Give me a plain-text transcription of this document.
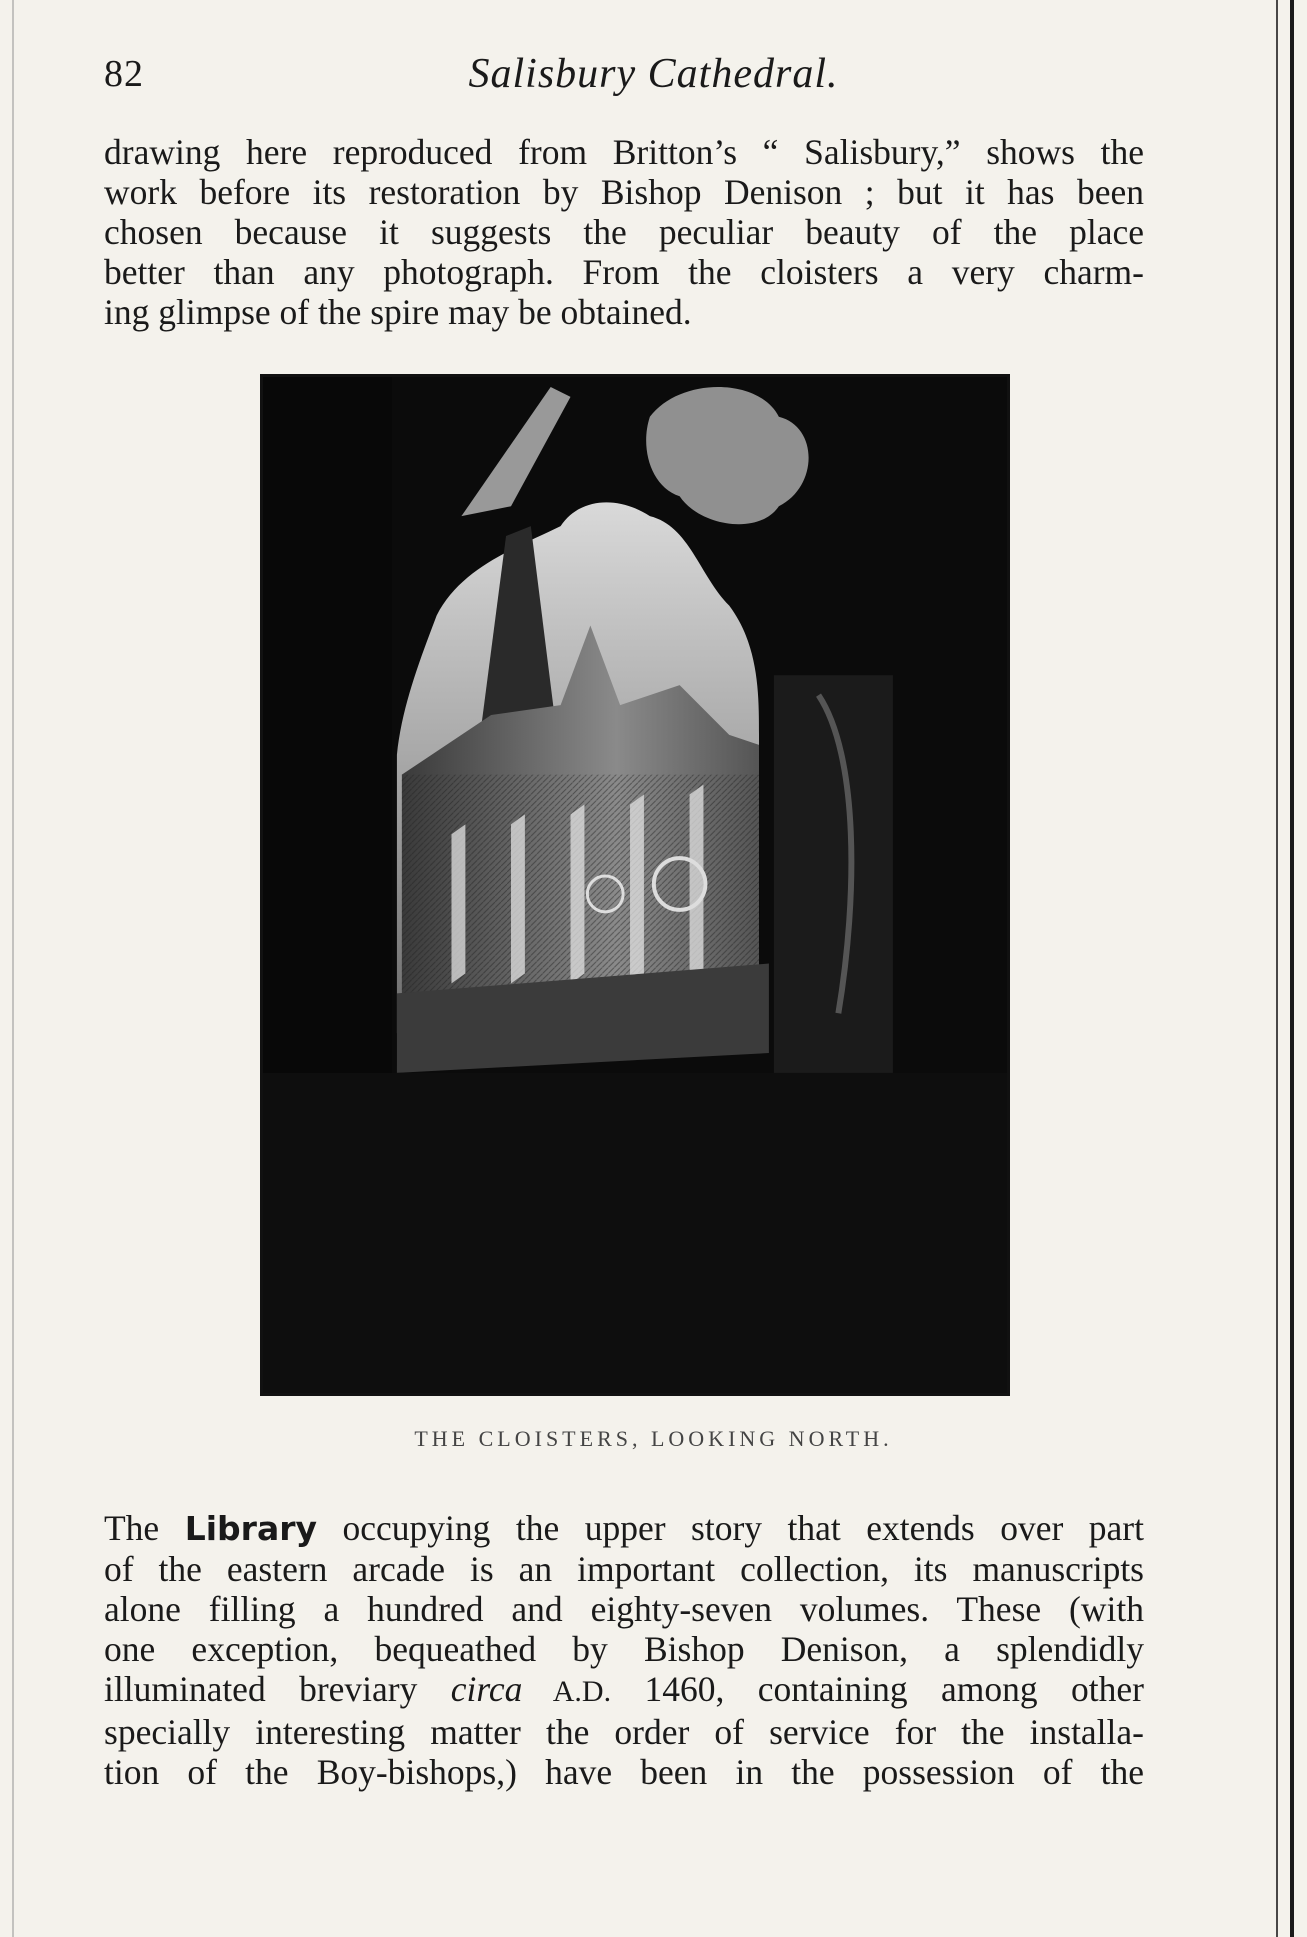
82	Salisbury Cathedral.
drawing here reproduced from Britton’s “ Salisbury,” shows the
work before its restoration by Bishop Denison ; but it has been
chosen because it suggests the peculiar beauty of the place
better than any photograph. From the cloisters a very charm-
ing glimpse of the spire may be obtained.
THE CLOISTERS, LOOKING NORTH.
The Library occupying the upper story that extends over part
of the eastern arcade is an important collection, its manuscripts
alone filling a hundred and eighty-seven volumes. These (with
one exception, bequeathed by Bishop Denison, a splendidly
illuminated breviary circa A.D. 1460, containing among other
specially interesting matter the order of service for the installa-
tion of the Boy-bishops,) have been in the possession of the
